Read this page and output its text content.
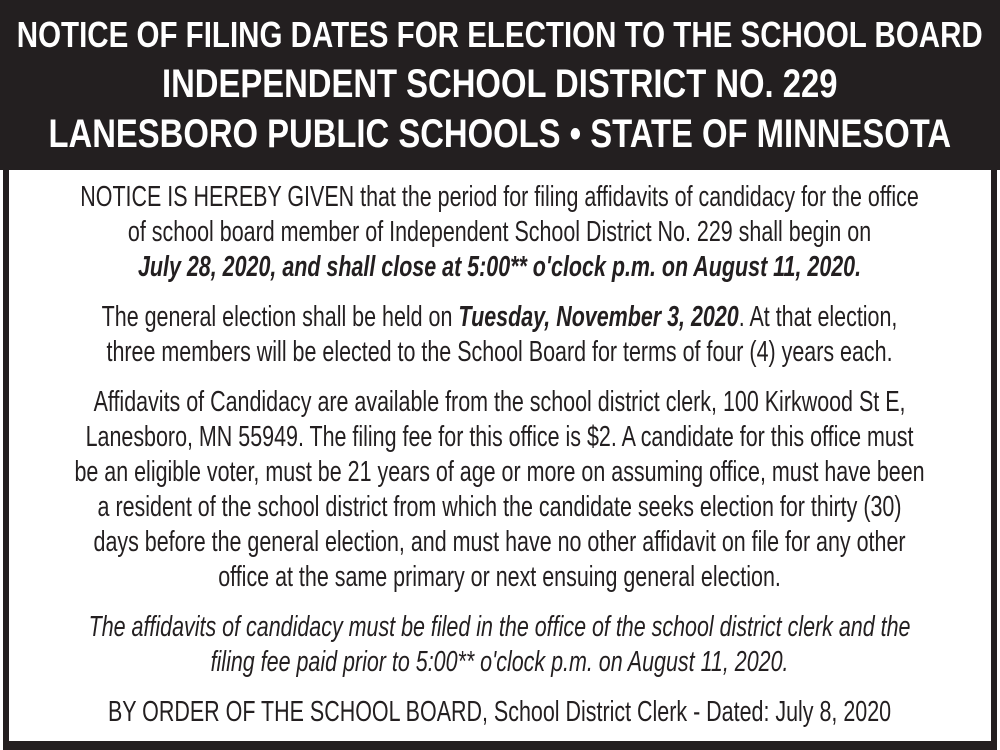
NOTICE OF FILING DATES FOR ELECTION TO THE SCHOOL BOARD
INDEPENDENT SCHOOL DISTRICT NO. 229
LANESBORO PUBLIC SCHOOLS • STATE OF MINNESOTA
NOTICE IS HEREBY GIVEN that the period for filing affidavits of candidacy for the office
of school board member of Independent School District No. 229 shall begin on
July 28, 2020, and shall close at 5:00** o'clock p.m. on August 11, 2020.
The general election shall be held on Tuesday, November 3, 2020. At that election,
three members will be elected to the School Board for terms of four (4) years each.
Affidavits of Candidacy are available from the school district clerk, 100 Kirkwood St E,
Lanesboro, MN 55949. The filing fee for this office is $2. A candidate for this office must
be an eligible voter, must be 21 years of age or more on assuming office, must have been
a resident of the school district from which the candidate seeks election for thirty (30)
days before the general election, and must have no other affidavit on file for any other
office at the same primary or next ensuing general election.
The affidavits of candidacy must be filed in the office of the school district clerk and the
filing fee paid prior to 5:00** o'clock p.m. on August 11, 2020.
BY ORDER OF THE SCHOOL BOARD, School District Clerk - Dated: July 8, 2020
